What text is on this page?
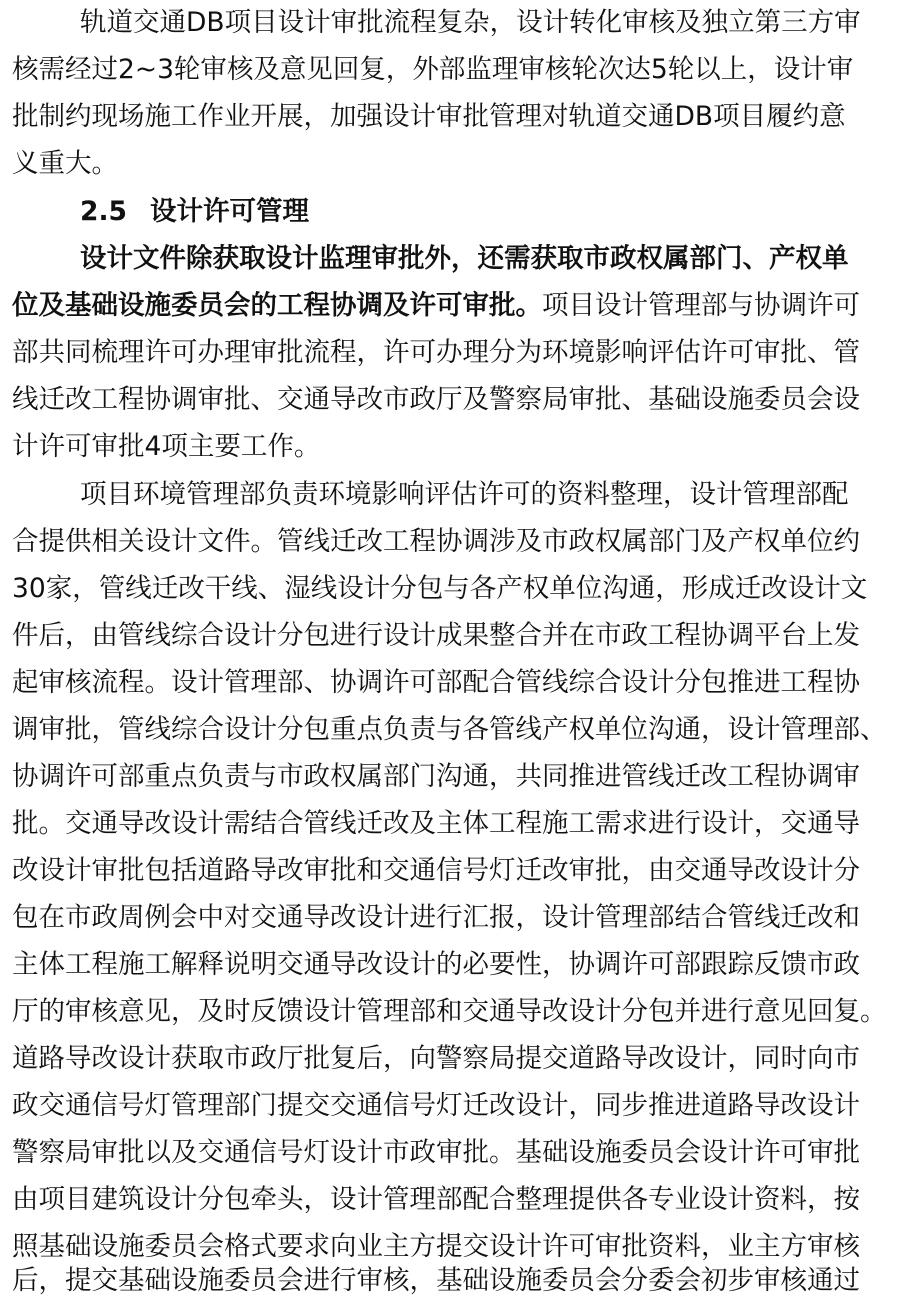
轨道交通DB项目设计审批流程复杂，设计转化审核及独立第三方审
核需经过2~3轮审核及意见回复，外部监理审核轮次达5轮以上，设计审
批制约现场施工作业开展，加强设计审批管理对轨道交通DB项目履约意
义重大。
2.5 设计许可管理
设计文件除获取设计监理审批外，还需获取市政权属部门、产权单
位及基础设施委员会的工程协调及许可审批。项目设计管理部与协调许可
部共同梳理许可办理审批流程，许可办理分为环境影响评估许可审批、管
线迁改工程协调审批、交通导改市政厅及警察局审批、基础设施委员会设
计许可审批4项主要工作。
项目环境管理部负责环境影响评估许可的资料整理，设计管理部配
合提供相关设计文件。管线迁改工程协调涉及市政权属部门及产权单位约
30家，管线迁改干线、湿线设计分包与各产权单位沟通，形成迁改设计文
件后，由管线综合设计分包进行设计成果整合并在市政工程协调平台上发
起审核流程。设计管理部、协调许可部配合管线综合设计分包推进工程协
调审批，管线综合设计分包重点负责与各管线产权单位沟通，设计管理部、
协调许可部重点负责与市政权属部门沟通，共同推进管线迁改工程协调审
批。交通导改设计需结合管线迁改及主体工程施工需求进行设计，交通导
改设计审批包括道路导改审批和交通信号灯迁改审批，由交通导改设计分
包在市政周例会中对交通导改设计进行汇报，设计管理部结合管线迁改和
主体工程施工解释说明交通导改设计的必要性，协调许可部跟踪反馈市政
厅的审核意见，及时反馈设计管理部和交通导改设计分包并进行意见回复。
道路导改设计获取市政厅批复后，向警察局提交道路导改设计，同时向市
政交通信号灯管理部门提交交通信号灯迁改设计，同步推进道路导改设计
警察局审批以及交通信号灯设计市政审批。基础设施委员会设计许可审批
由项目建筑设计分包牵头，设计管理部配合整理提供各专业设计资料，按
照基础设施委员会格式要求向业主方提交设计许可审批资料，业主方审核
后，提交基础设施委员会进行审核，基础设施委员会分委会初步审核通过
